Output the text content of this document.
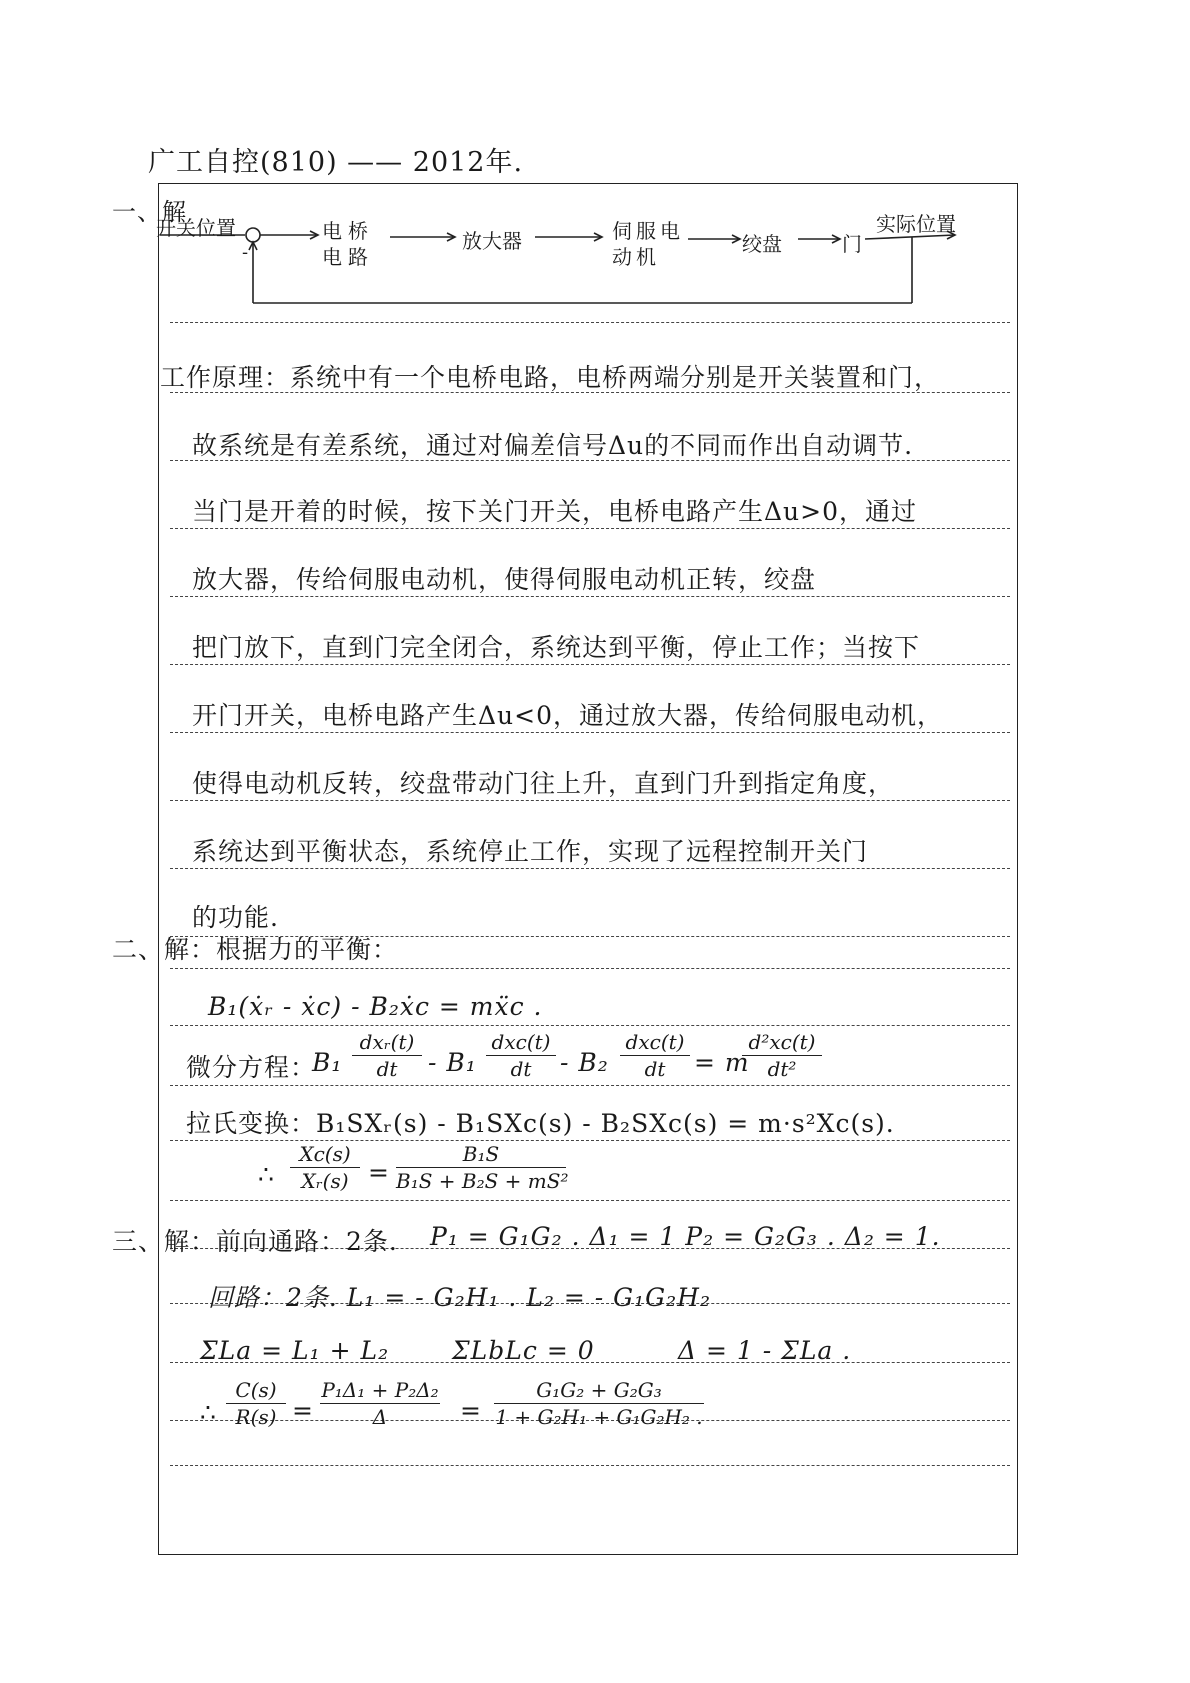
广工自控(810) —— 2012年.
一、解
开关位置
-
电桥电路
放大器	伺服电动机
绞盘	门
实际位置
工作原理：系统中有一个电桥电路，电桥两端分别是开关装置和门，
故系统是有差系统，通过对偏差信号Δu的不同而作出自动调节.
当门是开着的时候，按下关门开关，电桥电路产生Δu>0，通过
放大器，传给伺服电动机，使得伺服电动机正转，绞盘
把门放下，直到门完全闭合，系统达到平衡，停止工作；当按下
开门开关，电桥电路产生Δu<0，通过放大器，传给伺服电动机，
使得电动机反转，绞盘带动门往上升，直到门升到指定角度，
系统达到平衡状态，系统停止工作，实现了远程控制开关门
的功能.
二、解：根据力的平衡：
B₁(ẋᵣ - ẋc) - B₂ẋc = mẍc .
微分方程：
B₁
dxᵣ(t)
dt	- B₁
dxc(t)
dt	- B₂
dxc(t)
dt	= m
d²xc(t)
dt²
拉氏变换：B₁SXᵣ(s) - B₁SXc(s) - B₂SXc(s) = m·s²Xc(s).
∴
Xc(s)
Xᵣ(s) =
B₁S
B₁S + B₂S + mS²
三、解：前向通路：2条. P₁ = G₁G₂ . Δ₁ = 1 P₂ = G₂G₃ . Δ₂ = 1.
回路：2条. L₁ = - G₂H₁ . L₂ = - G₁G₂H₂
ΣLa = L₁ + L₂	ΣLbLc = 0	Δ = 1 - ΣLa .
∴
C(s)
R(s) =
P₁Δ₁ + P₂Δ₂
Δ	=
G₁G₂ + G₂G₃
1 + G₂H₁ + G₁G₂H₂ .
